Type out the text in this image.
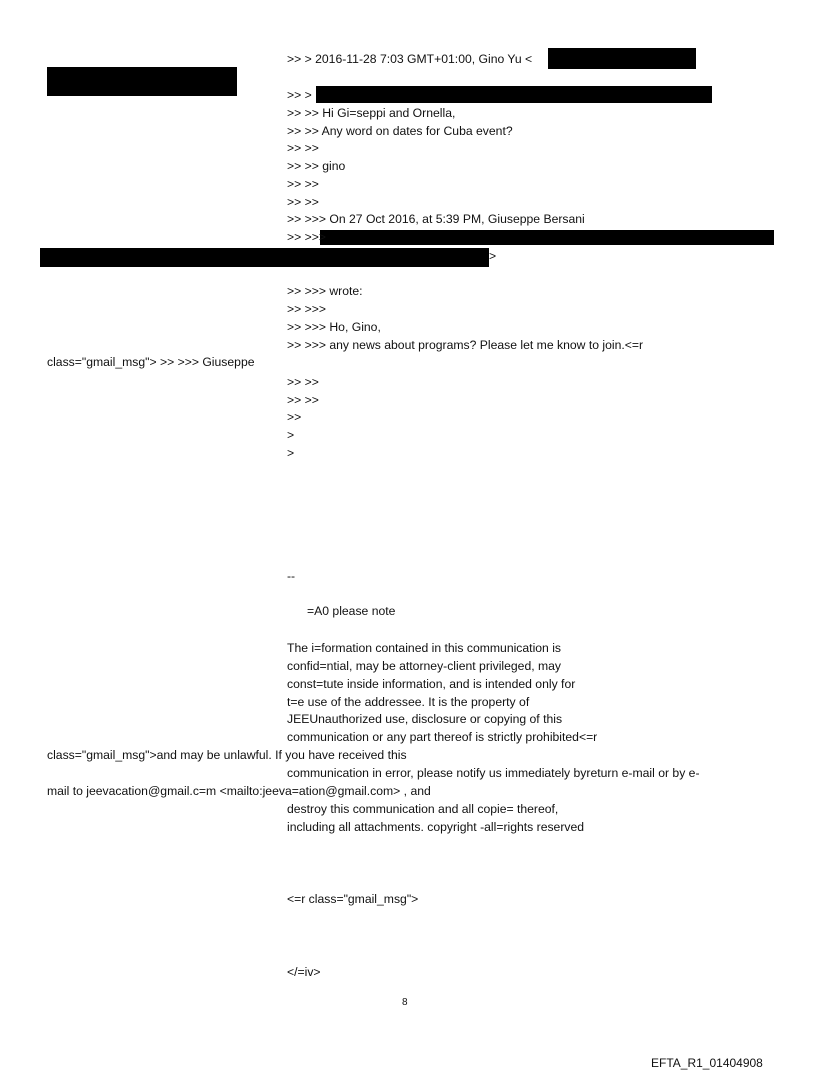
>> > 2016-11-28 7:03 GMT+01:00, Gino Yu <
>> >
>> >> Hi Gi=seppi and Ornella,
>> >> Any word on dates for Cuba event?
>> >>
>> >> gino
>> >>
>> >>
>> >>> On 27 Oct 2016, at 5:39 PM, Giuseppe Bersani
>> >>>
>
>> >>> wrote:
>> >>>
>> >>> Ho, Gino,
>> >>> any news about programs? Please let me know to join.<=r
class="gmail_msg"> >> >>> Giuseppe
>> >>
>> >>
>>
>
>
--
=A0 please note
The i=formation contained in this communication is
confid=ntial, may be attorney-client privileged, may
const=tute inside information, and is intended only for
t=e use of the addressee. It is the property of
JEEUnauthorized use, disclosure or copying of this
communication or any part thereof is strictly prohibited<=r
class="gmail_msg">and may be unlawful. If you have received this
communication in error, please notify us immediately byreturn e-mail or by e-
mail to jeevacation@gmail.c=m <mailto:jeeva=ation@gmail.com> , and
destroy this communication and all copie= thereof,
including all attachments. copyright -all=rights reserved
<=r class="gmail_msg">
</=iv>
8
EFTA_R1_01404908
